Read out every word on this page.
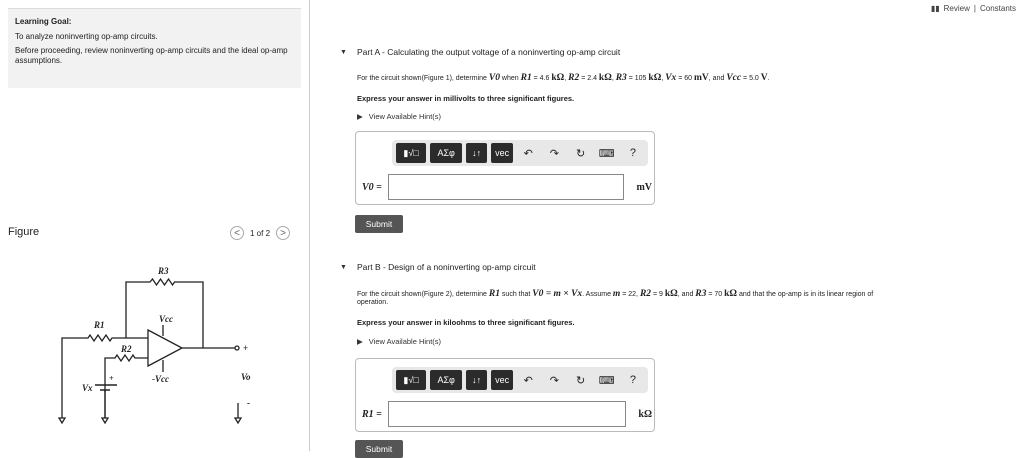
▮▮ Review | Constants
Learning Goal:

To analyze noninverting op-amp circuits.

Before proceeding, review noninverting op-amp circuits and the ideal op-amp assumptions.

Figure	<	1 of 2	>
R3
R1
R2
Vcc
-Vcc
Vx
Vo
+
-
+
▼ Part A - Calculating the output voltage of a noninverting op-amp circuit
For the circuit shown(Figure 1), determine V0 when R1 = 4.6 kΩ, R2 = 2.4 kΩ, R3 = 105 kΩ, Vx = 60 mV, and Vcc = 5.0 V.
Express your answer in millivolts to three significant figures.
▶ View Available Hint(s)
▮√□	AΣφ	↓↑	vec	↶	↷	↻	⌨	?
V0 =	mV
Submit
▼ Part B - Design of a noninverting op-amp circuit
For the circuit shown(Figure 2), determine R1 such that V0 = m × Vx. Assume m = 22, R2 = 9 kΩ, and R3 = 70 kΩ and that the op-amp is in its linear region of
operation.
Express your answer in kiloohms to three significant figures.
▶ View Available Hint(s)
▮√□	AΣφ	↓↑	vec	↶	↷	↻	⌨	?
R1 =	kΩ
Submit
